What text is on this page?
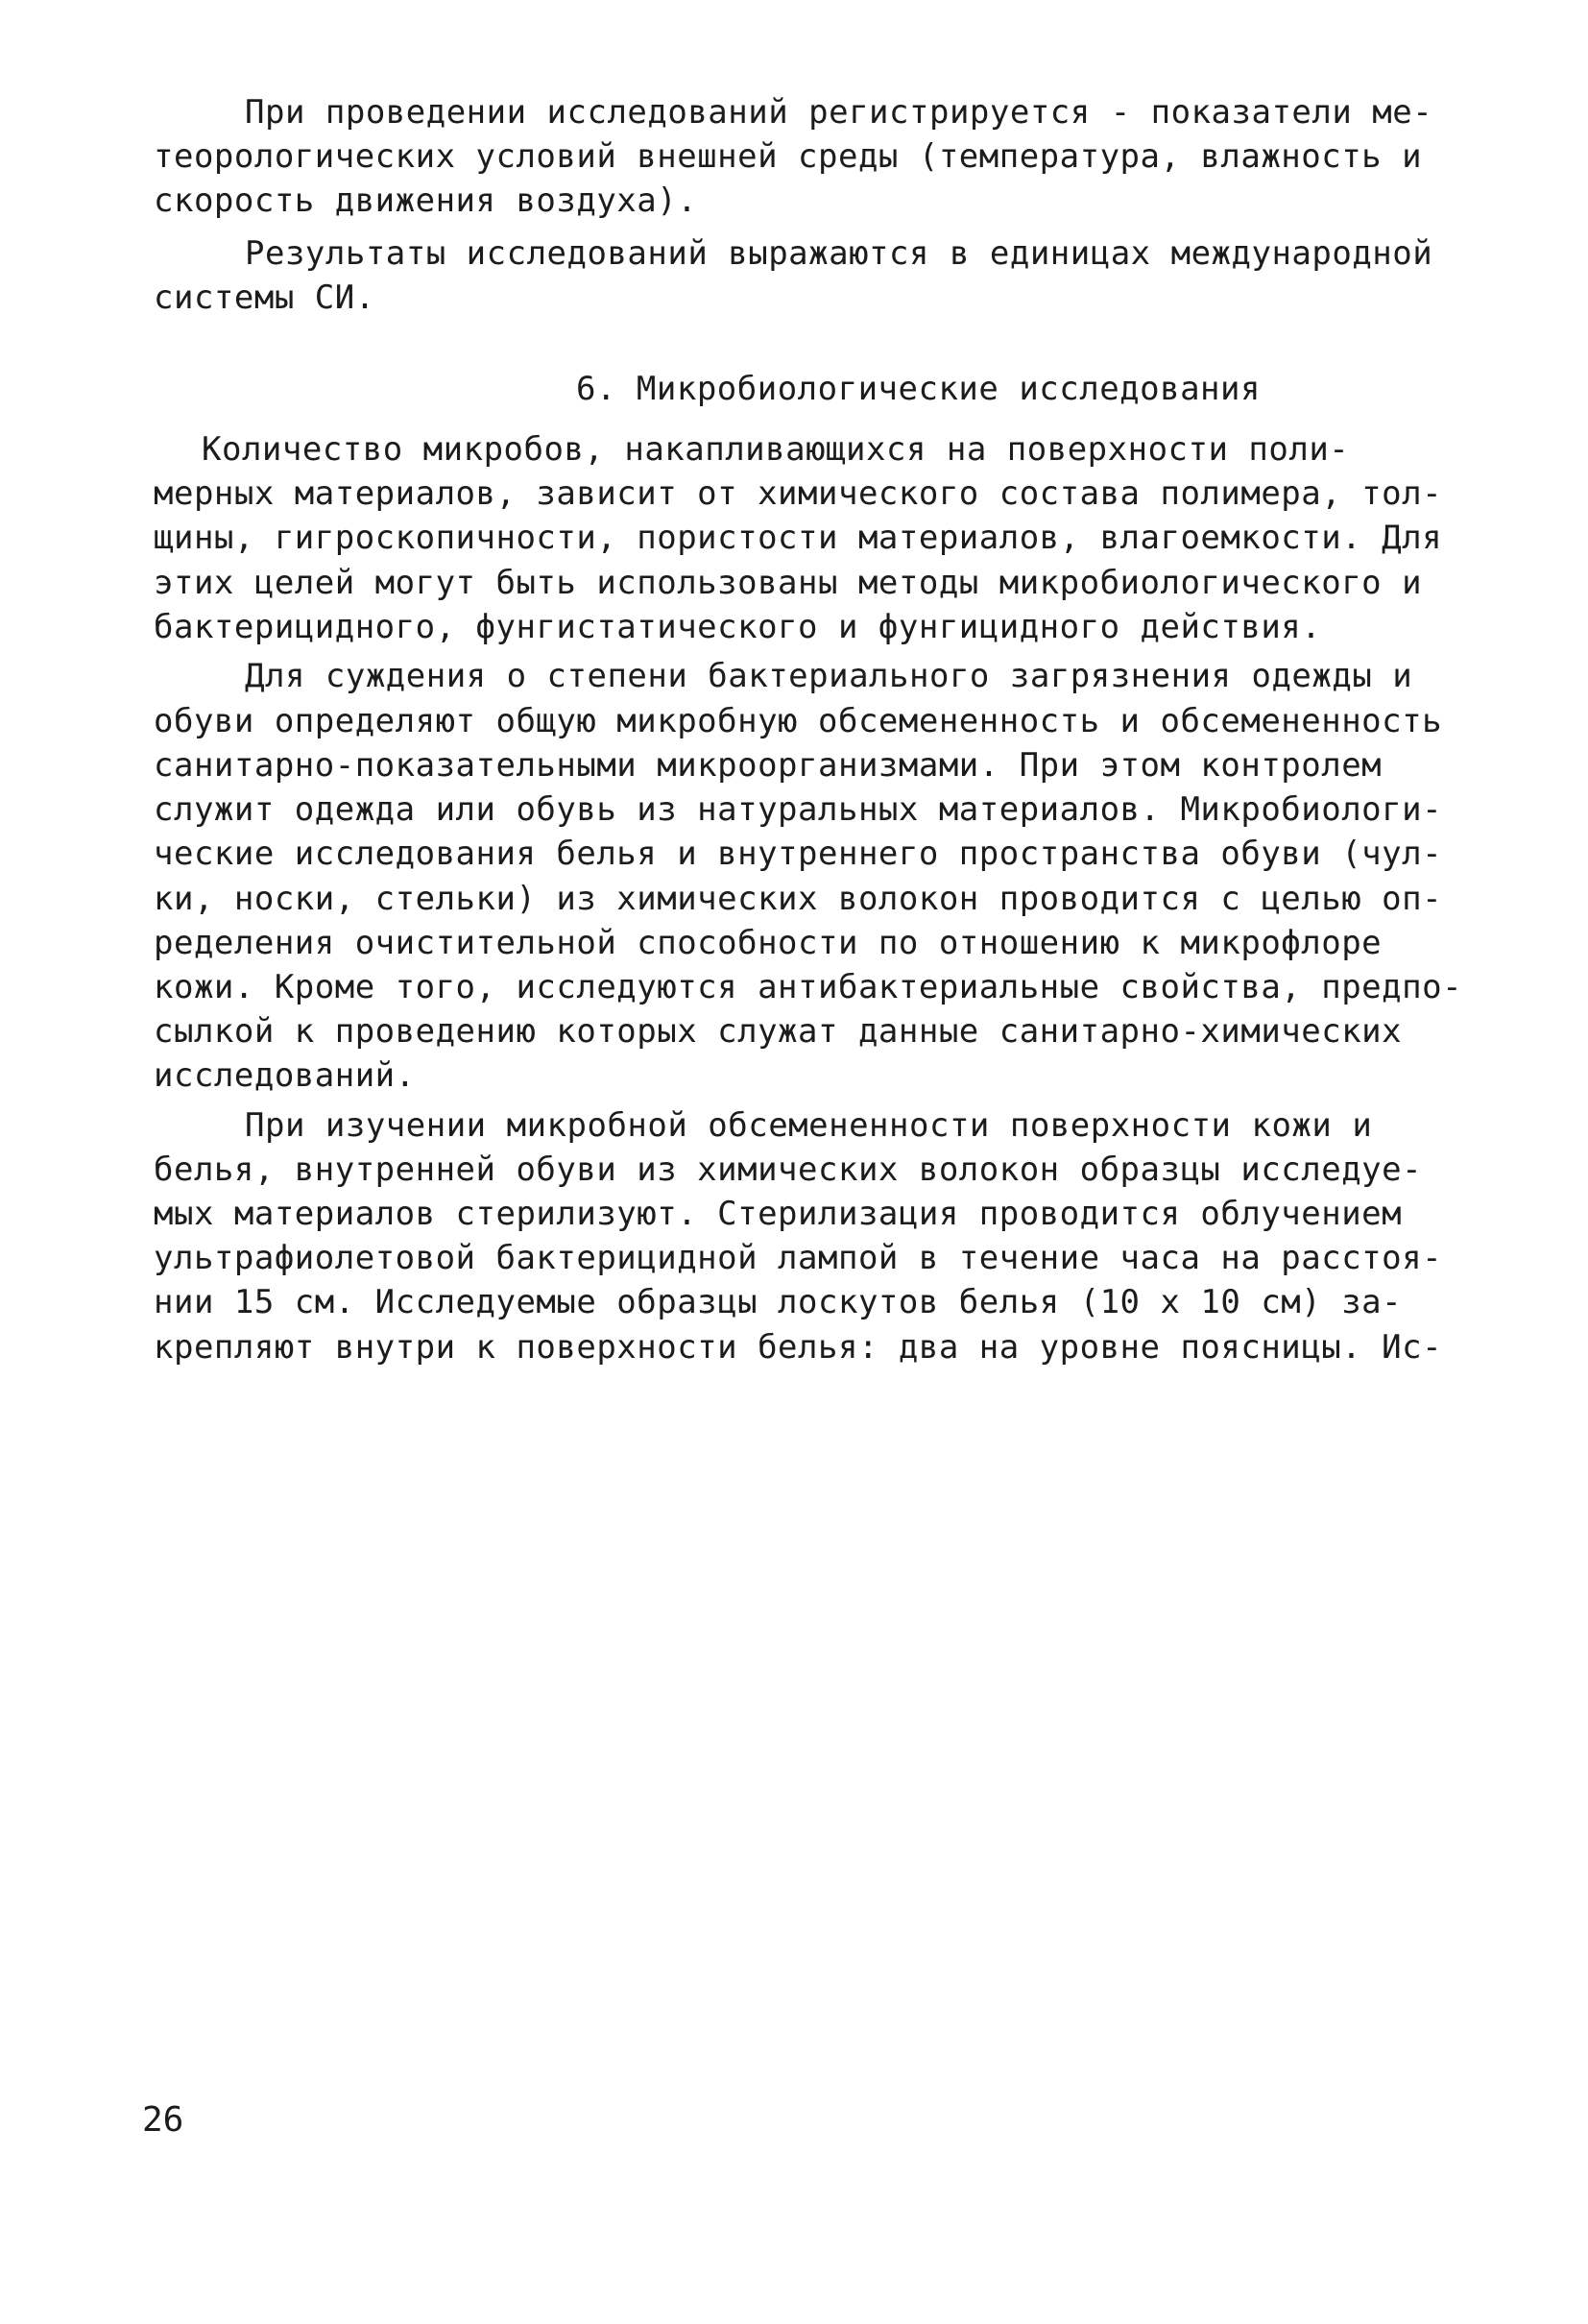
При проведении исследований регистрируется - показатели ме-
теорологических условий внешней среды (температура, влажность и
скорость движения воздуха).
Результаты исследований выражаются в единицах международной
системы СИ.
6. Микробиологические исследования
Количество микробов, накапливающихся на поверхности поли-
мерных материалов, зависит от химического состава полимера, тол-
щины, гигроскопичности, пористости материалов, влагоемкости. Для
этих целей могут быть использованы методы микробиологического и
бактерицидного, фунгистатического и фунгицидного действия.
Для суждения о степени бактериального загрязнения одежды и
обуви определяют общую микробную обсемененность и обсемененность
санитарно-показательными микроорганизмами. При этом контролем
служит одежда или обувь из натуральных материалов. Микробиологи-
ческие исследования белья и внутреннего пространства обуви (чул-
ки, носки, стельки) из химических волокон проводится с целью оп-
ределения очистительной способности по отношению к микрофлоре
кожи. Кроме того, исследуются антибактериальные свойства, предпо-
сылкой к проведению которых служат данные санитарно-химических
исследований.
При изучении микробной обсемененности поверхности кожи и
белья, внутренней обуви из химических волокон образцы исследуе-
мых материалов стерилизуют. Стерилизация проводится облучением
ультрафиолетовой бактерицидной лампой в течение часа на расстоя-
нии 15 см. Исследуемые образцы лоскутов белья (10 х 10 см) за-
крепляют внутри к поверхности белья: два на уровне поясницы. Ис-
26
